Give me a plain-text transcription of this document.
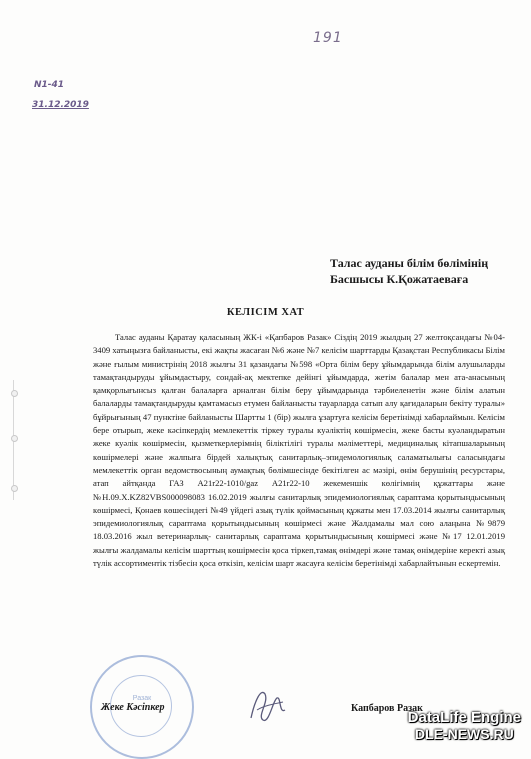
191
N1-41
31.12.2019
Талас ауданы білім бөлімінің
Басшысы К.Қожатаеваға
КЕЛІСІМ ХАТ

Талас ауданы Қаратау қаласының ЖК-і «Қапбаров Разак» Сіздің 2019 жылдың 27 желтоқсандағы №04-3409 хатыңызға байланысты, екі жақты жасаған №6 және №7 келісім шарттарды Қазақстан Республикасы Білім және ғылым министрінің 2018 жылғы 31 қазандағы №598 «Орта білім беру ұйымдарында білім алушыларды тамақтандыруды ұйымдастыру, сондай-ақ мектепке дейінгі ұйымдарда, жетім балалар мен ата-анасының қамқорлығынсыз қалған балаларға арналған білім беру ұйымдарында тәрбиеленетін және білім алатын балаларды тамақтандыруды қамтамасыз етумен байланысты тауарларда сатып алу қағидаларын бекіту туралы» бұйрығының 47 пунктіне байланысты Шартты 1 (бір) жылға ұзартуға келісім беретінімді хабарлаймын. Келісім бере отырып, жеке кәсіпкердің мемлекеттік тіркеу туралы куәліктің көшірмесін, жеке басты куәландыратын жеке куәлік көшірмесін, қызметкерлерімнің біліктілігі туралы мәліметтері, медициналық кітапшаларының көшірмелері және жалпыға бірдей халықтық санитарлық–эпидемологиялық саламатылығы саласындағы мемлекеттік орган ведомствосының аумақтық бөлімшесінде бекітілген ас мәзірі, өнім берушінің ресурстары, атап айтқанда ГАЗ А21r22-1010/gaz А21r22-10 жекеменшік көлігімнің құжаттары және №Н.09.Х.KZ82VBS000098083 16.02.2019 жылғы санитарлық эпидемиологиялық сараптама қорытындысының көшірмесі, Қонаев көшесіндегі №49 үйдегі азық түлік қоймасының құжаты мен 17.03.2014 жылғы санитарлық эпидемиологиялық сараптама қорытындысының көшірмесі және Жалдамалы мал сою алаңына №9879 18.03.2016 жыл ветеринарлық- санитарлық сараптама қорытындысының көшірмесі және №17 12.01.2019 жылғы жалдамалы келісім шарттың көшірмесін қоса тіркеп,тамақ өнімдері және тамақ өнімдеріне керекті азық түлік ассортиментік тізбесін қоса өткізіп, келісім шарт жасауға келісім беретінімді хабарлайтынын ескертемін.

Разак
Жеке Кәсіпкер	Капбаров Разак
DataLife Engine
DLE-NEWS.RU
